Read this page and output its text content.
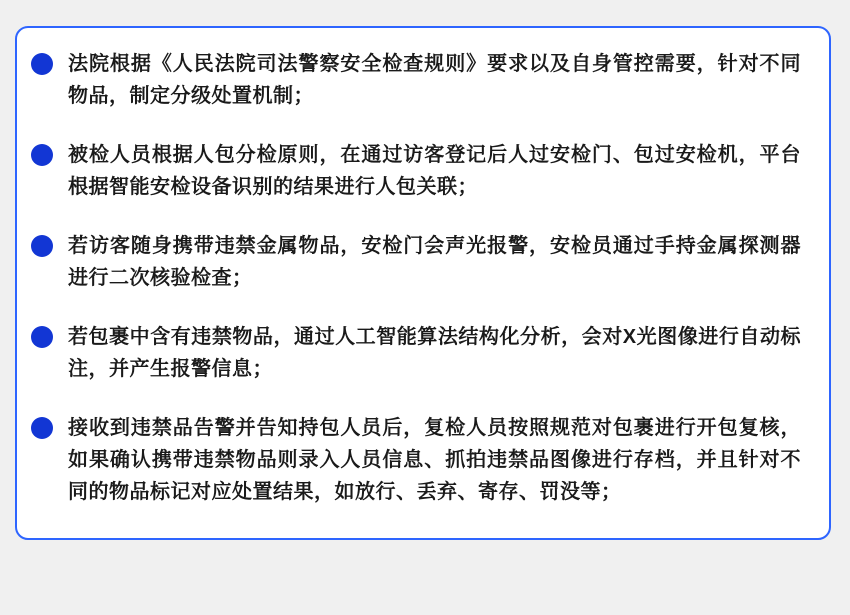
法院根据《人民法院司法警察安全检查规则》要求以及自身管控需要，针对不同物品，制定分级处置机制；
被检人员根据人包分检原则，在通过访客登记后人过安检门、包过安检机，平台根据智能安检设备识别的结果进行人包关联；
若访客随身携带违禁金属物品，安检门会声光报警，安检员通过手持金属探测器进行二次核验检查；
若包裹中含有违禁物品，通过人工智能算法结构化分析，会对X光图像进行自动标注，并产生报警信息；
接收到违禁品告警并告知持包人员后，复检人员按照规范对包裹进行开包复核，如果确认携带违禁物品则录入人员信息、抓拍违禁品图像进行存档，并且针对不同的物品标记对应处置结果，如放行、丢弃、寄存、罚没等；
